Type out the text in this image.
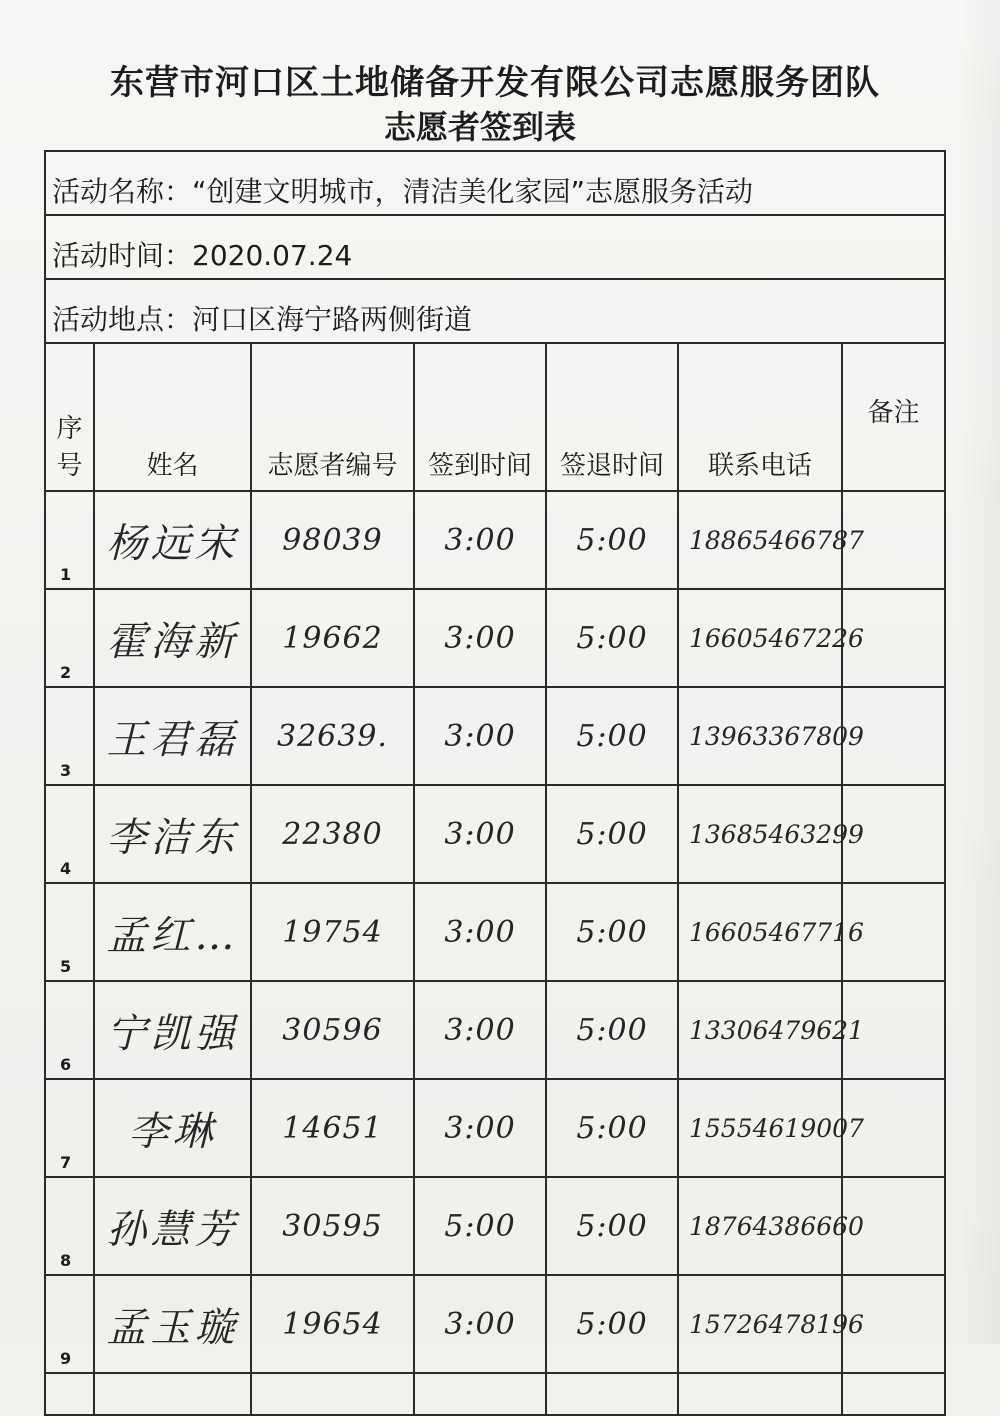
东营市河口区土地储备开发有限公司志愿服务团队
志愿者签到表
活动名称：“创建文明城市，清洁美化家园”志愿服务活动						
活动时间：2020.07.24						
活动地点：河口区海宁路两侧街道						
序号	姓名	志愿者编号	签到时间	签退时间	联系电话	备注
1	杨远宋	98039	3:00	5:00	18865466787	
2	霍海新	19662	3:00	5:00	16605467226	
3	王君磊	32639.	3:00	5:00	13963367809	
4	李洁东	22380	3:00	5:00	13685463299	
5	孟红…	19754	3:00	5:00	16605467716	
6	宁凯强	30596	3:00	5:00	13306479621	
7	李琳	14651	3:00	5:00	15554619007	
8	孙慧芳	30595	5:00	5:00	18764386660	
9	孟玉璇	19654	3:00	5:00	15726478196	
